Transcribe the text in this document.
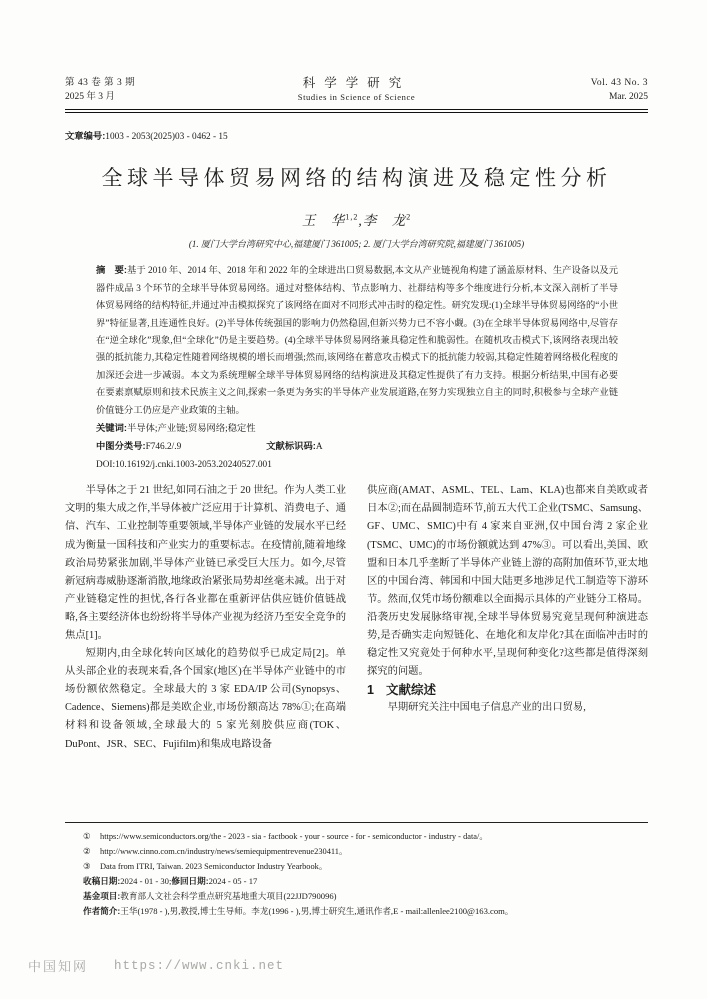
第 43 卷 第 3 期
2025 年 3 月
科学学研究
Studies in Science of Science
Vol. 43 No. 3
Mar. 2025
文章编号:1003 - 2053(2025)03 - 0462 - 15
全球半导体贸易网络的结构演进及稳定性分析
王　华$^{1,2}$,李　龙$^2$
(1. 厦门大学台湾研究中心,福建厦门 361005; 2. 厦门大学台湾研究院,福建厦门 361005)
摘　要:基于 2010 年、2014 年、2018 年和 2022 年的全球进出口贸易数据,本文从产业链视角构建了涵盖原材料、生产设备以及元器件成品 3 个环节的全球半导体贸易网络。通过对整体结构、节点影响力、社群结构等多个维度进行分析,本文深入剖析了半导体贸易网络的结构特征,并通过冲击模拟探究了该网络在面对不同形式冲击时的稳定性。研究发现:(1)全球半导体贸易网络的“小世界”特征显著,且连通性良好。(2)半导体传统强国的影响力仍然稳固,但新兴势力已不容小觑。(3)在全球半导体贸易网络中,尽管存在“逆全球化”现象,但“全球化”仍是主要趋势。(4)全球半导体贸易网络兼具稳定性和脆弱性。在随机攻击模式下,该网络表现出较强的抵抗能力,其稳定性随着网络规模的增长而增强;然而,该网络在蓄意攻击模式下的抵抗能力较弱,其稳定性随着网络极化程度的加深还会进一步减弱。本文为系统理解全球半导体贸易网络的结构演进及其稳定性提供了有力支持。根据分析结果,中国有必要在要素禀赋原则和技术民族主义之间,探索一条更为务实的半导体产业发展道路,在努力实现独立自主的同时,积极参与全球产业链价值链分工仍应是产业政策的主轴。
关键词:半导体;产业链;贸易网络;稳定性
中图分类号:F746.2/.9	文献标识码:A
DOI:10.16192/j.cnki.1003-2053.20240527.001

半导体之于 21 世纪,如同石油之于 20 世纪。作为人类工业文明的集大成之作,半导体被广泛应用于计算机、消费电子、通信、汽车、工业控制等重要领域,半导体产业链的发展水平已经成为衡量一国科技和产业实力的重要标志。在疫情前,随着地缘政治局势紧张加剧,半导体产业链已承受巨大压力。如今,尽管新冠病毒威胁逐渐消散,地缘政治紧张局势却丝毫未减。出于对产业链稳定性的担忧,各行各业都在重新评估供应链价值链战略,各主要经济体也纷纷将半导体产业视为经济乃至安全竞争的焦点[1]。

短期内,由全球化转向区域化的趋势似乎已成定局[2]。单从头部企业的表现来看,各个国家(地区)在半导体产业链中的市场份额依然稳定。全球最大的 3 家 EDA/IP 公司(Synopsys、Cadence、Siemens)都是美欧企业,市场份额高达 78%①;在高端材料和设备领域,全球最大的 5 家光刻胶供应商(TOK、DuPont、JSR、SEC、Fujifilm)和集成电路设备

供应商(AMAT、ASML、TEL、Lam、KLA)也都来自美欧或者日本②;而在晶圆制造环节,前五大代工企业(TSMC、Samsung、GF、UMC、SMIC)中有 4 家来自亚洲,仅中国台湾 2 家企业(TSMC、UMC)的市场份额就达到 47%③。可以看出,美国、欧盟和日本几乎垄断了半导体产业链上游的高附加值环节,亚太地区的中国台湾、韩国和中国大陆更多地涉足代工制造等下游环节。然而,仅凭市场份额难以全面揭示具体的产业链分工格局。沿袭历史发展脉络审视,全球半导体贸易究竟呈现何种演进态势,是否确实走向短链化、在地化和友岸化?其在面临冲击时的稳定性又究竟处于何种水平,呈现何种变化?这些都是值得深刻探究的问题。

1 文献综述

早期研究关注中国电子信息产业的出口贸易,

①	https://www.semiconductors.org/the - 2023 - sia - factbook - your - source - for - semiconductor - industry - data/。
②	http://www.cinno.com.cn/industry/news/semiequipmentrevenue230411。
③	Data from ITRI, Taiwan. 2023 Semiconductor Industry Yearbook。
收稿日期:2024 - 01 - 30;修回日期:2024 - 05 - 17
基金项目:教育部人文社会科学重点研究基地重大项目(22JJD790096)
作者简介:王华(1978 - ),男,教授,博士生导师。李龙(1996 - ),男,博士研究生,通讯作者,E - mail:allenlee2100@163.com。
中国知网 https://www.cnki.net
